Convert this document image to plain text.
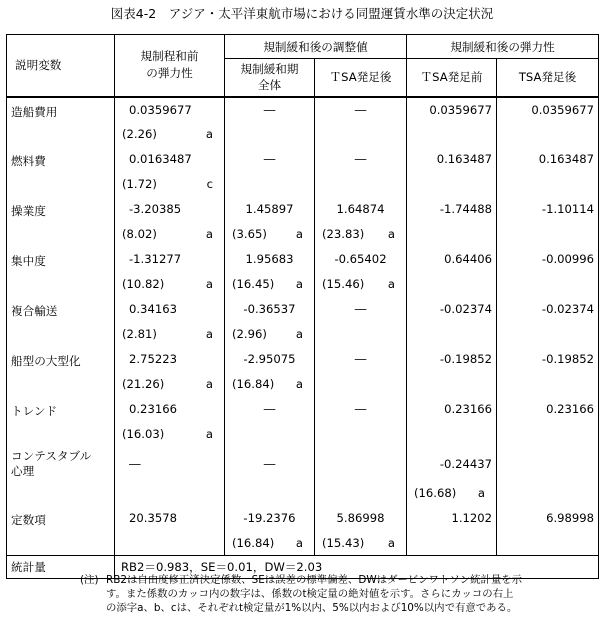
図表4-2　アジア・太平洋東航市場における同盟運賃水準の決定状況
説明変数	規制程和前
の弾力性	規制緩和後の調整値		規制緩和後の弾力性	

		規制緩和期
全体	ＴSA発足後	ＴSA発足前	TSA発足後
造船費用	0.0359677	―	―	0.0359677	0.0359677

	(2.26) a				

燃料費	0.0163487	―	―	0.163487	0.163487

	(1.72) c				

操業度	-3.20385	1.45897	1.64874	-1.74488	-1.10114

	(8.02) a	(3.65) a	(23.83) a		

集中度	-1.31277	1.95683	-0.65402	0.64406	-0.00996

	(10.82) a	(16.45) a	(15.46) a		

複合輸送	0.34163	-0.36537	―	-0.02374	-0.02374

	(2.81) a	(2.96) a			

船型の大型化	2.75223	-2.95075	―	-0.19852	-0.19852

	(21.26) a	(16.84) a			

トレンド	0.23166	―	―	0.23166	0.23166

	(16.03) a				

コンテスタブル
心理	―	―		-0.24437	

				(16.68) a	

定数項	20.3578	-19.2376	5.86998	1.1202	6.98998

		(16.84) a	(15.43) a		

統計量	RB2＝0.983，SE＝0.01，DW＝2.03				
(注) RB2は自由度修正済決定係数、SEは誤差の標準偏差、DWはダービンワトソン統計量を示
す。また係数のカッコ内の数字は、係数のt検定量の絶対値を示す。さらにカッコの右上
の添字a、b、cは、それぞれt検定量が1%以内、5%以内および10%以内で有意である。
